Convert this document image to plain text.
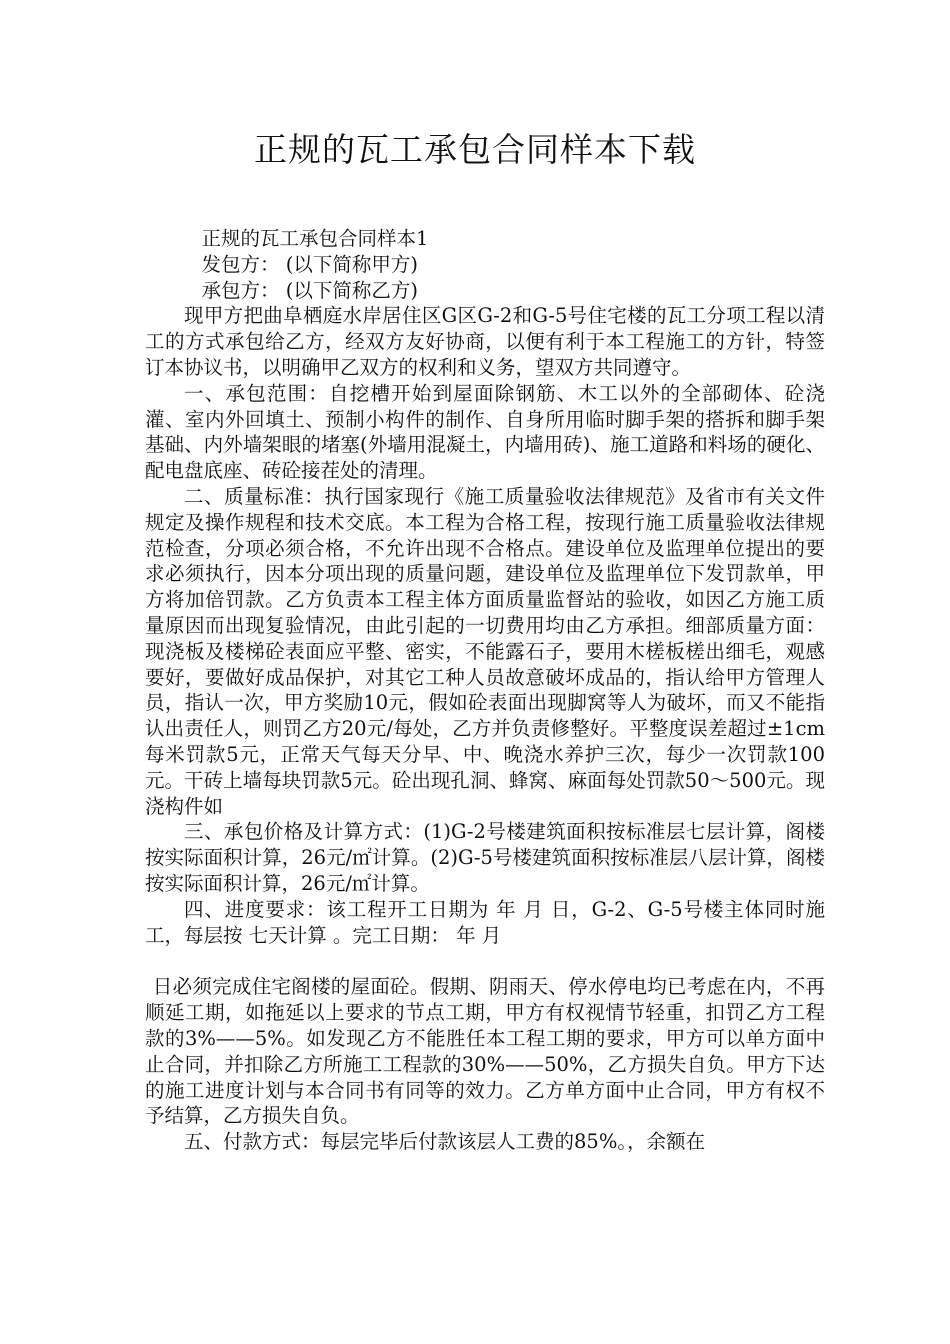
正规的瓦工承包合同样本下载

正规的瓦工承包合同样本1

发包方： (以下简称甲方)

承包方： (以下简称乙方)

现甲方把曲阜栖庭水岸居住区G区G-2和G-5号住宅楼的瓦工分项工程以清工的方式承包给乙方，经双方友好协商，以便有利于本工程施工的方针，特签订本协议书，以明确甲乙双方的权利和义务，望双方共同遵守。

一、承包范围：自挖槽开始到屋面除钢筋、木工以外的全部砌体、砼浇灌、室内外回填土、预制小构件的制作、自身所用临时脚手架的搭拆和脚手架基础、内外墙架眼的堵塞(外墙用混凝土，内墙用砖)、施工道路和料场的硬化、配电盘底座、砖砼接茬处的清理。

二、质量标准：执行国家现行《施工质量验收法律规范》及省市有关文件规定及操作规程和技术交底。本工程为合格工程，按现行施工质量验收法律规范检查，分项必须合格，不允许出现不合格点。建设单位及监理单位提出的要求必须执行，因本分项出现的质量问题，建设单位及监理单位下发罚款单，甲方将加倍罚款。乙方负责本工程主体方面质量监督站的验收，如因乙方施工质量原因而出现复验情况，由此引起的一切费用均由乙方承担。细部质量方面：现浇板及楼梯砼表面应平整、密实，不能露石子，要用木槎板槎出细毛，观感要好，要做好成品保护，对其它工种人员故意破坏成品的，指认给甲方管理人员，指认一次，甲方奖励10元，假如砼表面出现脚窝等人为破坏，而又不能指认出责任人，则罚乙方20元/每处，乙方并负责修整好。平整度误差超过±1cm每米罚款5元，正常天气每天分早、中、晚浇水养护三次，每少一次罚款100元。干砖上墙每块罚款5元。砼出现孔洞、蜂窝、麻面每处罚款50～500元。现浇构件如

三、承包价格及计算方式：(1)G-2号楼建筑面积按标准层七层计算，阁楼按实际面积计算，26元/㎡计算。(2)G-5号楼建筑面积按标准层八层计算，阁楼按实际面积计算，26元/㎡计算。

四、进度要求：该工程开工日期为 年 月 日，G-2、G-5号楼主体同时施工，每层按 七天计算 。完工日期： 年 月

日必须完成住宅阁楼的屋面砼。假期、阴雨天、停水停电均已考虑在内，不再顺延工期，如拖延以上要求的节点工期，甲方有权视情节轻重，扣罚乙方工程款的3%——5%。如发现乙方不能胜任本工程工期的要求，甲方可以单方面中止合同，并扣除乙方所施工工程款的30%——50%，乙方损失自负。甲方下达的施工进度计划与本合同书有同等的效力。乙方单方面中止合同，甲方有权不予结算，乙方损失自负。

五、付款方式：每层完毕后付款该层人工费的85%。，余额在
